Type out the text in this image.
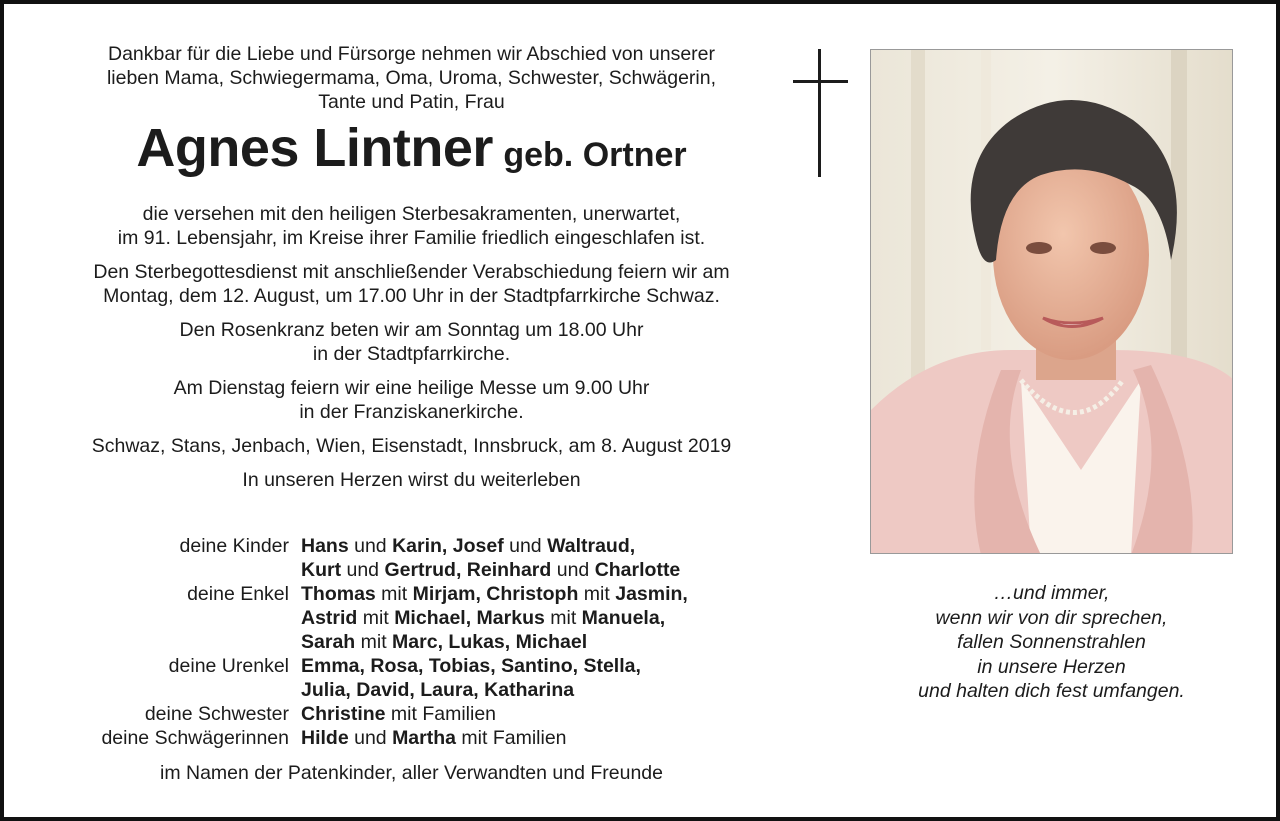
Dankbar für die Liebe und Fürsorge nehmen wir Abschied von unserer

lieben Mama, Schwiegermama, Oma, Uroma, Schwester, Schwägerin,

Tante und Patin, Frau

Agnes Lintner geb. Ortner

die versehen mit den heiligen Sterbesakramenten, unerwartet,

im 91. Lebensjahr, im Kreise ihrer Familie friedlich eingeschlafen ist.

Den Sterbegottesdienst mit anschließender Verabschiedung feiern wir am

Montag, dem 12. August, um 17.00 Uhr in der Stadtpfarrkirche Schwaz.

Den Rosenkranz beten wir am Sonntag um 18.00 Uhr

in der Stadtpfarrkirche.

Am Dienstag feiern wir eine heilige Messe um 9.00 Uhr

in der Franziskanerkirche.

Schwaz, Stans, Jenbach, Wien, Eisenstadt, Innsbruck, am 8. August 2019

In unseren Herzen wirst du weiterleben

deine Kinder Hans und Karin, Josef und Waltraud,
Kurt und Gertrud, Reinhard und Charlotte
deine Enkel Thomas mit Mirjam, Christoph mit Jasmin,
Astrid mit Michael, Markus mit Manuela,
Sarah mit Marc, Lukas, Michael
deine Urenkel Emma, Rosa, Tobias, Santino, Stella,
Julia, David, Laura, Katharina
deine Schwester Christine mit Familien
deine Schwägerinnen Hilde und Martha mit Familien
im Namen der Patenkinder, aller Verwandten und Freunde
…und immer,
wenn wir von dir sprechen,
fallen Sonnenstrahlen
in unsere Herzen
und halten dich fest umfangen.
